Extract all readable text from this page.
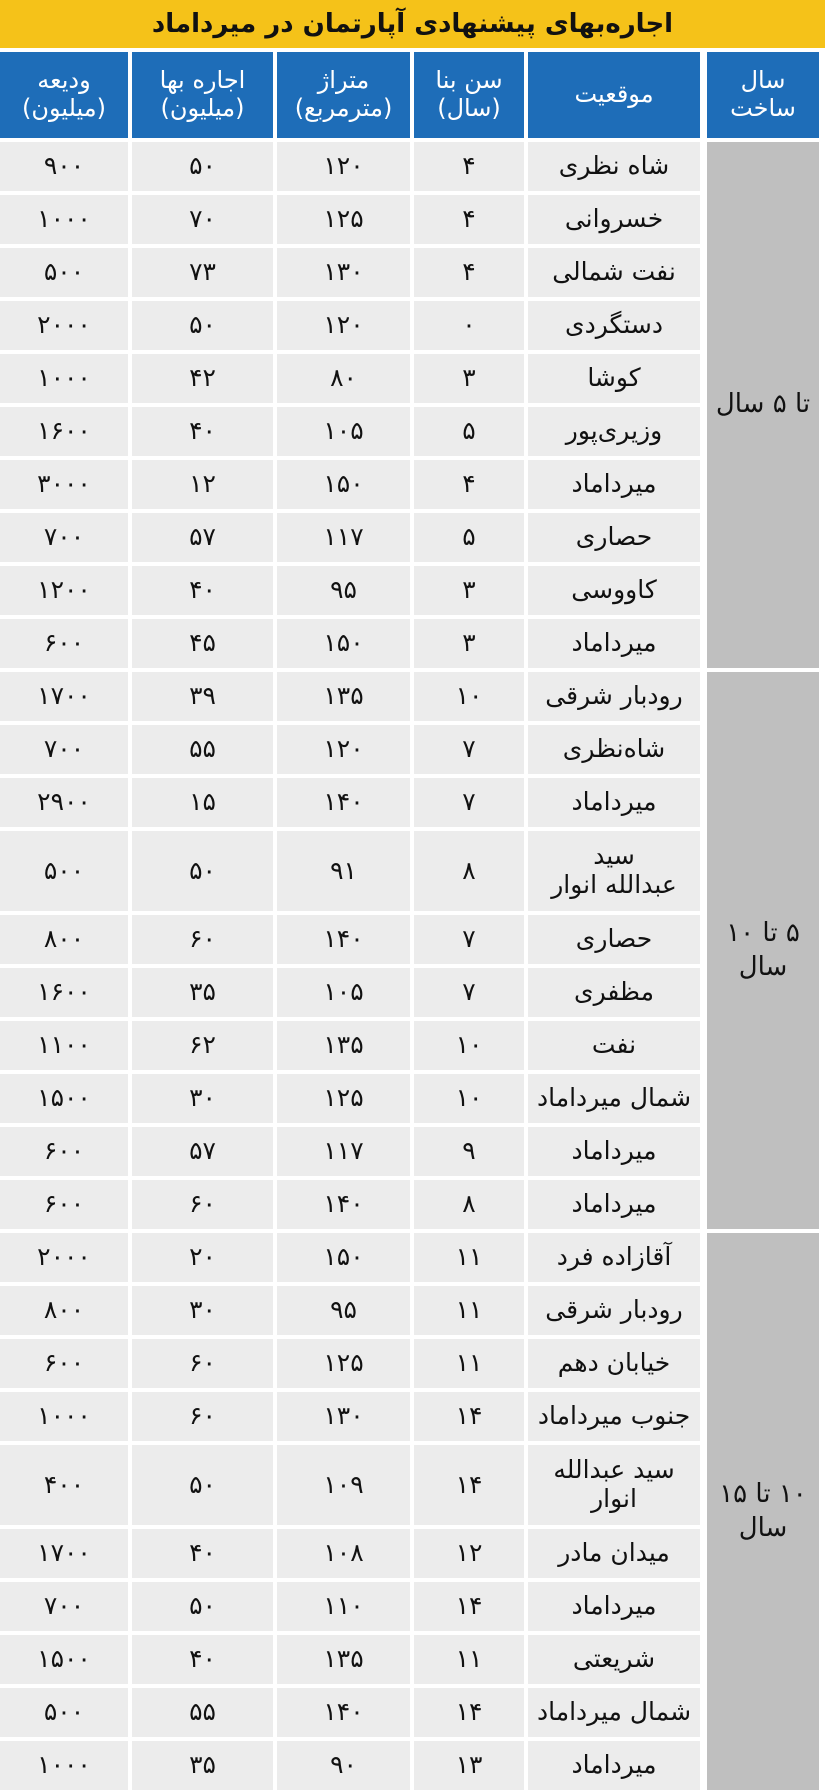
اجاره‌بهای پیشنهادی آپارتمان در میرداماد
سال
ساخت
موقعیت
سن بنا
(سال)
متراژ
(مترمربع)
اجاره بها
(میلیون)
ودیعه
(میلیون)
تا ۵ سال
۵ تا ۱۰
سال
۱۰ تا ۱۵
سال
شاه نظری
۴
۱۲۰
۵۰
۹۰۰
خسروانی
۴
۱۲۵
۷۰
۱۰۰۰
نفت شمالی
۴
۱۳۰
۷۳
۵۰۰
دستگردی
۰
۱۲۰
۵۰
۲۰۰۰
کوشا
۳
۸۰
۴۲
۱۰۰۰
وزیری‌پور
۵
۱۰۵
۴۰
۱۶۰۰
میرداماد
۴
۱۵۰
۱۲
۳۰۰۰
حصاری
۵
۱۱۷
۵۷
۷۰۰
کاووسی
۳
۹۵
۴۰
۱۲۰۰
میرداماد
۳
۱۵۰
۴۵
۶۰۰
رودبار شرقی
۱۰
۱۳۵
۳۹
۱۷۰۰
شاه‌نظری
۷
۱۲۰
۵۵
۷۰۰
میرداماد
۷
۱۴۰
۱۵
۲۹۰۰
سید
عبدالله انوار
۸
۹۱
۵۰
۵۰۰
حصاری
۷
۱۴۰
۶۰
۸۰۰
مظفری
۷
۱۰۵
۳۵
۱۶۰۰
نفت
۱۰
۱۳۵
۶۲
۱۱۰۰
شمال میرداماد
۱۰
۱۲۵
۳۰
۱۵۰۰
میرداماد
۹
۱۱۷
۵۷
۶۰۰
میرداماد
۸
۱۴۰
۶۰
۶۰۰
آقازاده فرد
۱۱
۱۵۰
۲۰
۲۰۰۰
رودبار شرقی
۱۱
۹۵
۳۰
۸۰۰
خیابان دهم
۱۱
۱۲۵
۶۰
۶۰۰
جنوب میرداماد
۱۴
۱۳۰
۶۰
۱۰۰۰
سید عبدالله
انوار
۱۴
۱۰۹
۵۰
۴۰۰
میدان مادر
۱۲
۱۰۸
۴۰
۱۷۰۰
میرداماد
۱۴
۱۱۰
۵۰
۷۰۰
شریعتی
۱۱
۱۳۵
۴۰
۱۵۰۰
شمال میرداماد
۱۴
۱۴۰
۵۵
۵۰۰
میرداماد
۱۳
۹۰
۳۵
۱۰۰۰
